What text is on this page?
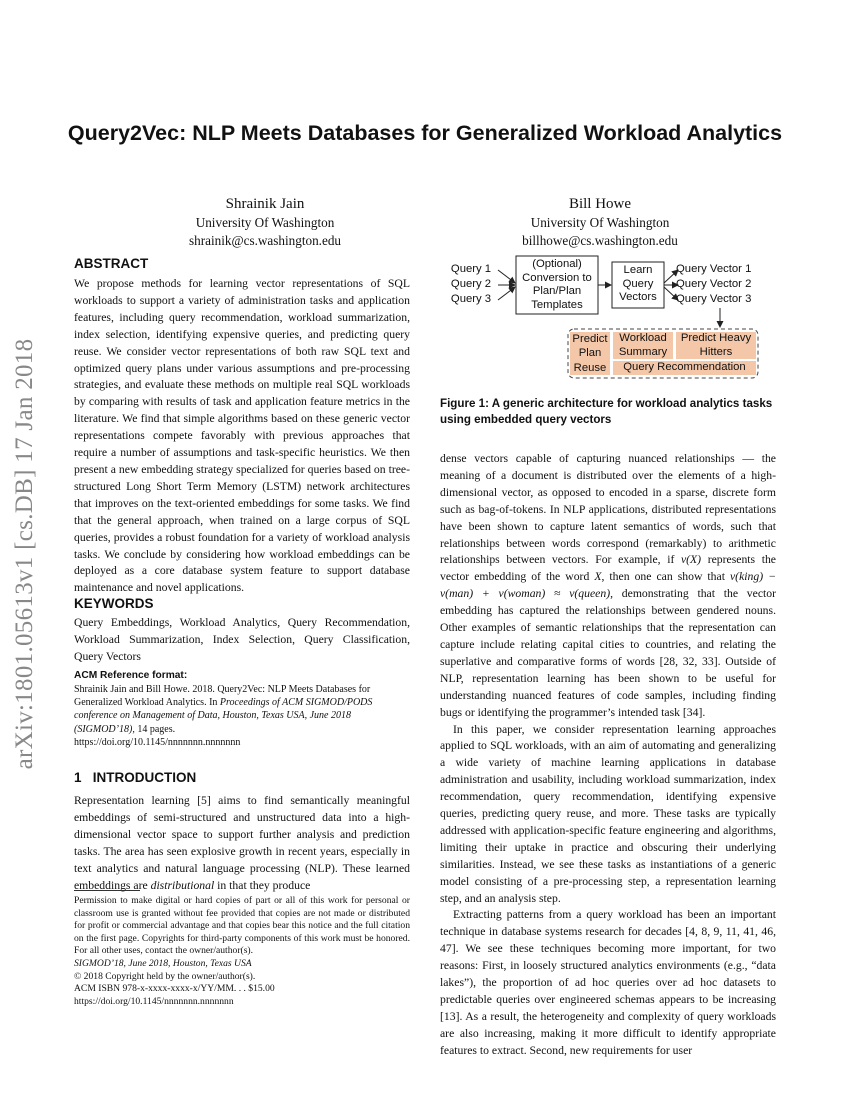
arXiv:1801.05613v1 [cs.DB] 17 Jan 2018
Query2Vec: NLP Meets Databases for Generalized Workload Analytics
Shrainik Jain
University Of Washington
shrainik@cs.washington.edu
Bill Howe
University Of Washington
billhowe@cs.washington.edu
ABSTRACT

We propose methods for learning vector representations of SQL workloads to support a variety of administration tasks and application features, including query recommendation, workload summarization, index selection, identifying expensive queries, and predicting query reuse. We consider vector representations of both raw SQL text and optimized query plans under various assumptions and pre-processing strategies, and evaluate these methods on multiple real SQL workloads by comparing with results of task and application feature metrics in the literature. We find that simple algorithms based on these generic vector representations compete favorably with previous approaches that require a number of assumptions and task-specific heuristics. We then present a new embedding strategy specialized for queries based on tree-structured Long Short Term Memory (LSTM) network architectures that improves on the text-oriented embeddings for some tasks. We find that the general approach, when trained on a large corpus of SQL queries, provides a robust foundation for a variety of workload analysis tasks. We conclude by considering how workload embeddings can be deployed as a core database system feature to support database maintenance and novel applications.

KEYWORDS

Query Embeddings, Workload Analytics, Query Recommendation, Workload Summarization, Index Selection, Query Classification, Query Vectors

ACM Reference format:
Shrainik Jain and Bill Howe. 2018. Query2Vec: NLP Meets Databases for Generalized Workload Analytics. In Proceedings of ACM SIGMOD/PODS conference on Management of Data, Houston, Texas USA, June 2018 (SIGMOD’18), 14 pages.
https://doi.org/10.1145/nnnnnnn.nnnnnnn
1 INTRODUCTION

Representation learning [5] aims to find semantically meaningful embeddings of semi-structured and unstructured data into a high-dimensional vector space to support further analysis and prediction tasks. The area has seen explosive growth in recent years, especially in text analytics and natural language processing (NLP). These learned embeddings are distributional in that they produce

Permission to make digital or hard copies of part or all of this work for personal or classroom use is granted without fee provided that copies are not made or distributed for profit or commercial advantage and that copies bear this notice and the full citation on the first page. Copyrights for third-party components of this work must be honored. For all other uses, contact the owner/author(s).
SIGMOD’18, June 2018, Houston, Texas USA
© 2018 Copyright held by the owner/author(s).
ACM ISBN 978-x-xxxx-xxxx-x/YY/MM. . . $15.00
https://doi.org/10.1145/nnnnnnn.nnnnnnn
Query 1
Query 2
Query 3
(Optional) Conversion to Plan/Plan Templates
Learn Query Vectors
Query Vector 1
Query Vector 2
Query Vector 3
Predict Plan Reuse
Workload Summary
Predict Heavy Hitters
Query Recommendation
Figure 1: A generic architecture for workload analytics tasks using embedded query vectors

dense vectors capable of capturing nuanced relationships — the meaning of a document is distributed over the elements of a high-dimensional vector, as opposed to encoded in a sparse, discrete form such as bag-of-tokens. In NLP applications, distributed representations have been shown to capture latent semantics of words, such that relationships between words correspond (remarkably) to arithmetic relationships between vectors. For example, if v(X) represents the vector embedding of the word X, then one can show that v(king) − v(man) + v(woman) ≈ v(queen), demonstrating that the vector embedding has captured the relationships between gendered nouns. Other examples of semantic relationships that the representation can capture include relating capital cities to countries, and relating the superlative and comparative forms of words [28, 32, 33]. Outside of NLP, representation learning has been shown to be useful for understanding nuanced features of code samples, including finding bugs or identifying the programmer’s intended task [34].

In this paper, we consider representation learning approaches applied to SQL workloads, with an aim of automating and generalizing a wide variety of machine learning applications in database administration and usability, including workload summarization, index recommendation, query recommendation, identifying expensive queries, predicting query reuse, and more. These tasks are typically addressed with application-specific feature engineering and algorithms, limiting their uptake in practice and obscuring their underlying similarities. Instead, we see these tasks as instantiations of a generic model consisting of a pre-processing step, a representation learning step, and an analysis step.

Extracting patterns from a query workload has been an important technique in database systems research for decades [4, 8, 9, 11, 41, 46, 47]. We see these techniques becoming more important, for two reasons: First, in loosely structured analytics environments (e.g., “data lakes”), the proportion of ad hoc queries over ad hoc datasets to predictable queries over engineered schemas appears to be increasing [13]. As a result, the heterogeneity and complexity of query workloads are also increasing, making it more difficult to identify appropriate features to extract. Second, new requirements for user
